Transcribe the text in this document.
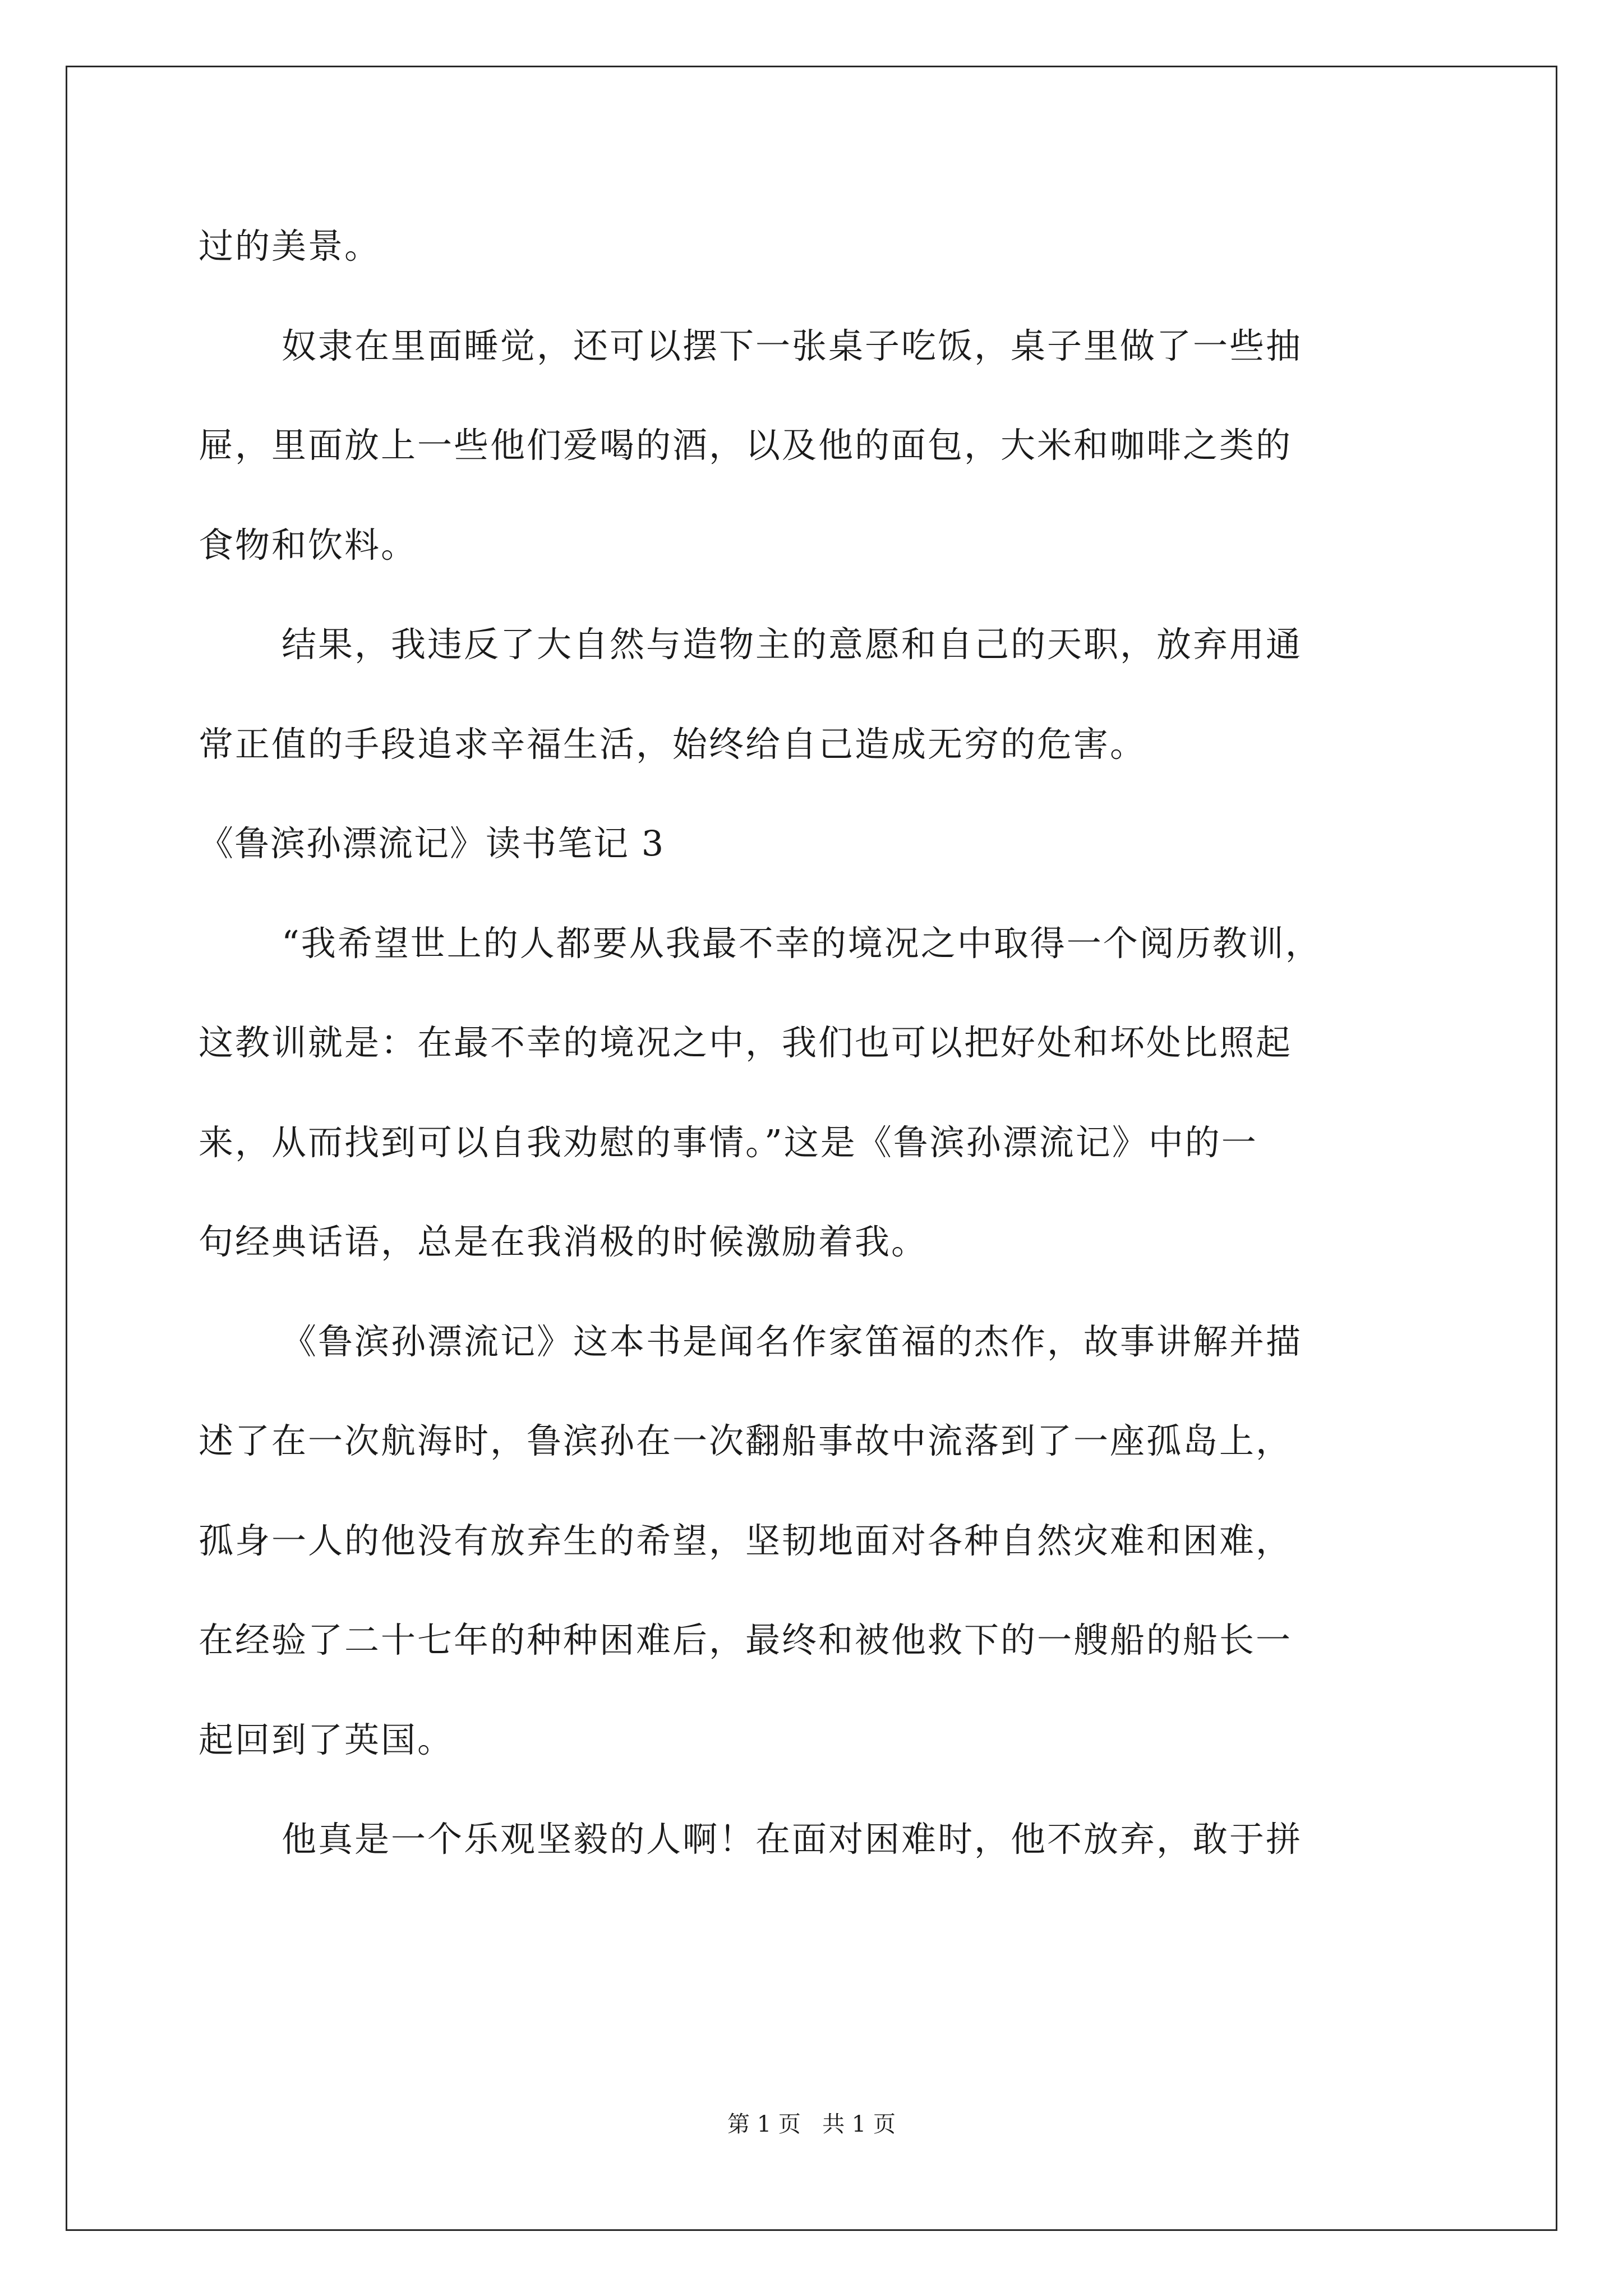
过的美景。
奴隶在里面睡觉，还可以摆下一张桌子吃饭，桌子里做了一些抽
屉，里面放上一些他们爱喝的酒，以及他的面包，大米和咖啡之类的
食物和饮料。
结果，我违反了大自然与造物主的意愿和自己的天职，放弃用通
常正值的手段追求辛福生活，始终给自己造成无穷的危害。
《鲁滨孙漂流记》读书笔记 3
“我希望世上的人都要从我最不幸的境况之中取得一个阅历教训，
这教训就是：在最不幸的境况之中，我们也可以把好处和坏处比照起
来，从而找到可以自我劝慰的事情。”这是《鲁滨孙漂流记》中的一
句经典话语，总是在我消极的时候激励着我。
《鲁滨孙漂流记》这本书是闻名作家笛福的杰作，故事讲解并描
述了在一次航海时，鲁滨孙在一次翻船事故中流落到了一座孤岛上，
孤身一人的他没有放弃生的希望，坚韧地面对各种自然灾难和困难，
在经验了二十七年的种种困难后，最终和被他救下的一艘船的船长一
起回到了英国。
他真是一个乐观坚毅的人啊！在面对困难时，他不放弃，敢于拼
第 1 页   共 1 页
